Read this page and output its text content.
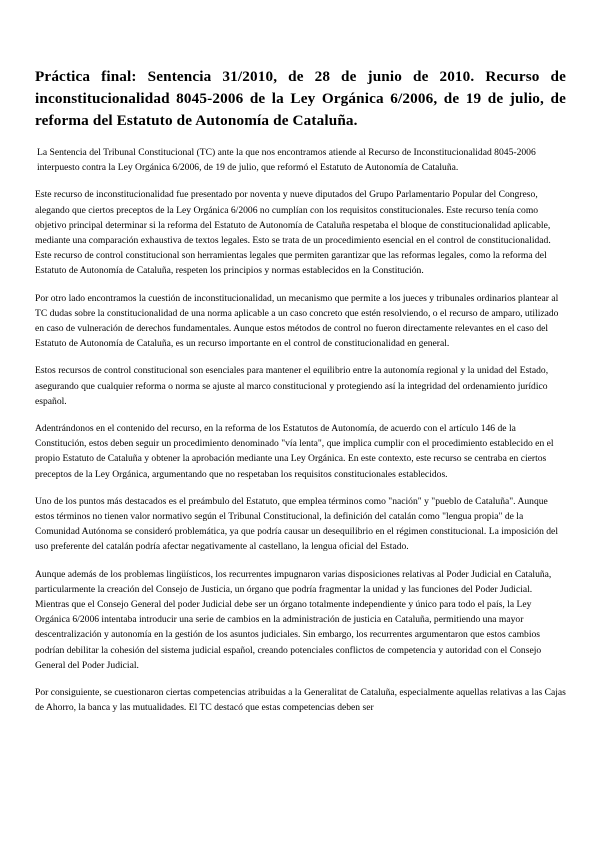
Práctica final: Sentencia 31/2010, de 28 de junio de 2010. Recurso de inconstitucionalidad 8045-2006 de la Ley Orgánica 6/2006, de 19 de julio, de reforma del Estatuto de Autonomía de Cataluña.
La Sentencia del Tribunal Constitucional (TC) ante la que nos encontramos atiende al Recurso de Inconstitucionalidad 8045-2006 interpuesto contra la Ley Orgánica 6/2006, de 19 de julio, que reformó el Estatuto de Autonomía de Cataluña.
Este recurso de inconstitucionalidad fue presentado por noventa y nueve diputados del Grupo Parlamentario Popular del Congreso, alegando que ciertos preceptos de la Ley Orgánica 6/2006 no cumplían con los requisitos constitucionales. Este recurso tenía como objetivo principal determinar si la reforma del Estatuto de Autonomía de Cataluña respetaba el bloque de constitucionalidad aplicable, mediante una comparación exhaustiva de textos legales. Esto se trata de un procedimiento esencial en el control de constitucionalidad.
Este recurso de control constitucional son herramientas legales que permiten garantizar que las reformas legales, como la reforma del Estatuto de Autonomía de Cataluña, respeten los principios y normas establecidos en la Constitución.
Por otro lado encontramos la cuestión de inconstitucionalidad, un mecanismo que permite a los jueces y tribunales ordinarios plantear al TC dudas sobre la constitucionalidad de una norma aplicable a un caso concreto que estén resolviendo, o el recurso de amparo, utilizado en caso de vulneración de derechos fundamentales. Aunque estos métodos de control no fueron directamente relevantes en el caso del Estatuto de Autonomía de Cataluña, es un recurso importante en el control de constitucionalidad en general.
Estos recursos de control constitucional son esenciales para mantener el equilibrio entre la autonomía regional y la unidad del Estado, asegurando que cualquier reforma o norma se ajuste al marco constitucional y protegiendo así la integridad del ordenamiento jurídico español.
Adentrándonos en el contenido del recurso, en la reforma de los Estatutos de Autonomía, de acuerdo con el artículo 146 de la Constitución, estos deben seguir un procedimiento denominado "vía lenta", que implica cumplir con el procedimiento establecido en el propio Estatuto de Cataluña y obtener la aprobación mediante una Ley Orgánica. En este contexto, este recurso se centraba en ciertos preceptos de la Ley Orgánica, argumentando que no respetaban los requisitos constitucionales establecidos.
Uno de los puntos más destacados es el preámbulo del Estatuto, que emplea términos como "nación" y "pueblo de Cataluña". Aunque estos términos no tienen valor normativo según el Tribunal Constitucional, la definición del catalán como "lengua propia" de la Comunidad Autónoma se consideró problemática, ya que podría causar un desequilibrio en el régimen constitucional. La imposición del uso preferente del catalán podría afectar negativamente al castellano, la lengua oficial del Estado.
Aunque además de los problemas lingüísticos, los recurrentes impugnaron varias disposiciones relativas al Poder Judicial en Cataluña, particularmente la creación del Consejo de Justicia, un órgano que podría fragmentar la unidad y las funciones del Poder Judicial. Mientras que el Consejo General del poder Judicial debe ser un órgano totalmente independiente y único para todo el país, la Ley Orgánica 6/2006 intentaba introducir una serie de cambios en la administración de justicia en Cataluña, permitiendo una mayor descentralización y autonomía en la gestión de los asuntos judiciales. Sin embargo, los recurrentes argumentaron que estos cambios podrían debilitar la cohesión del sistema judicial español, creando potenciales conflictos de competencia y autoridad con el Consejo General del Poder Judicial.
Por consiguiente, se cuestionaron ciertas competencias atribuidas a la Generalitat de Cataluña, especialmente aquellas relativas a las Cajas de Ahorro, la banca y las mutualidades. El TC destacó que estas competencias deben ser
